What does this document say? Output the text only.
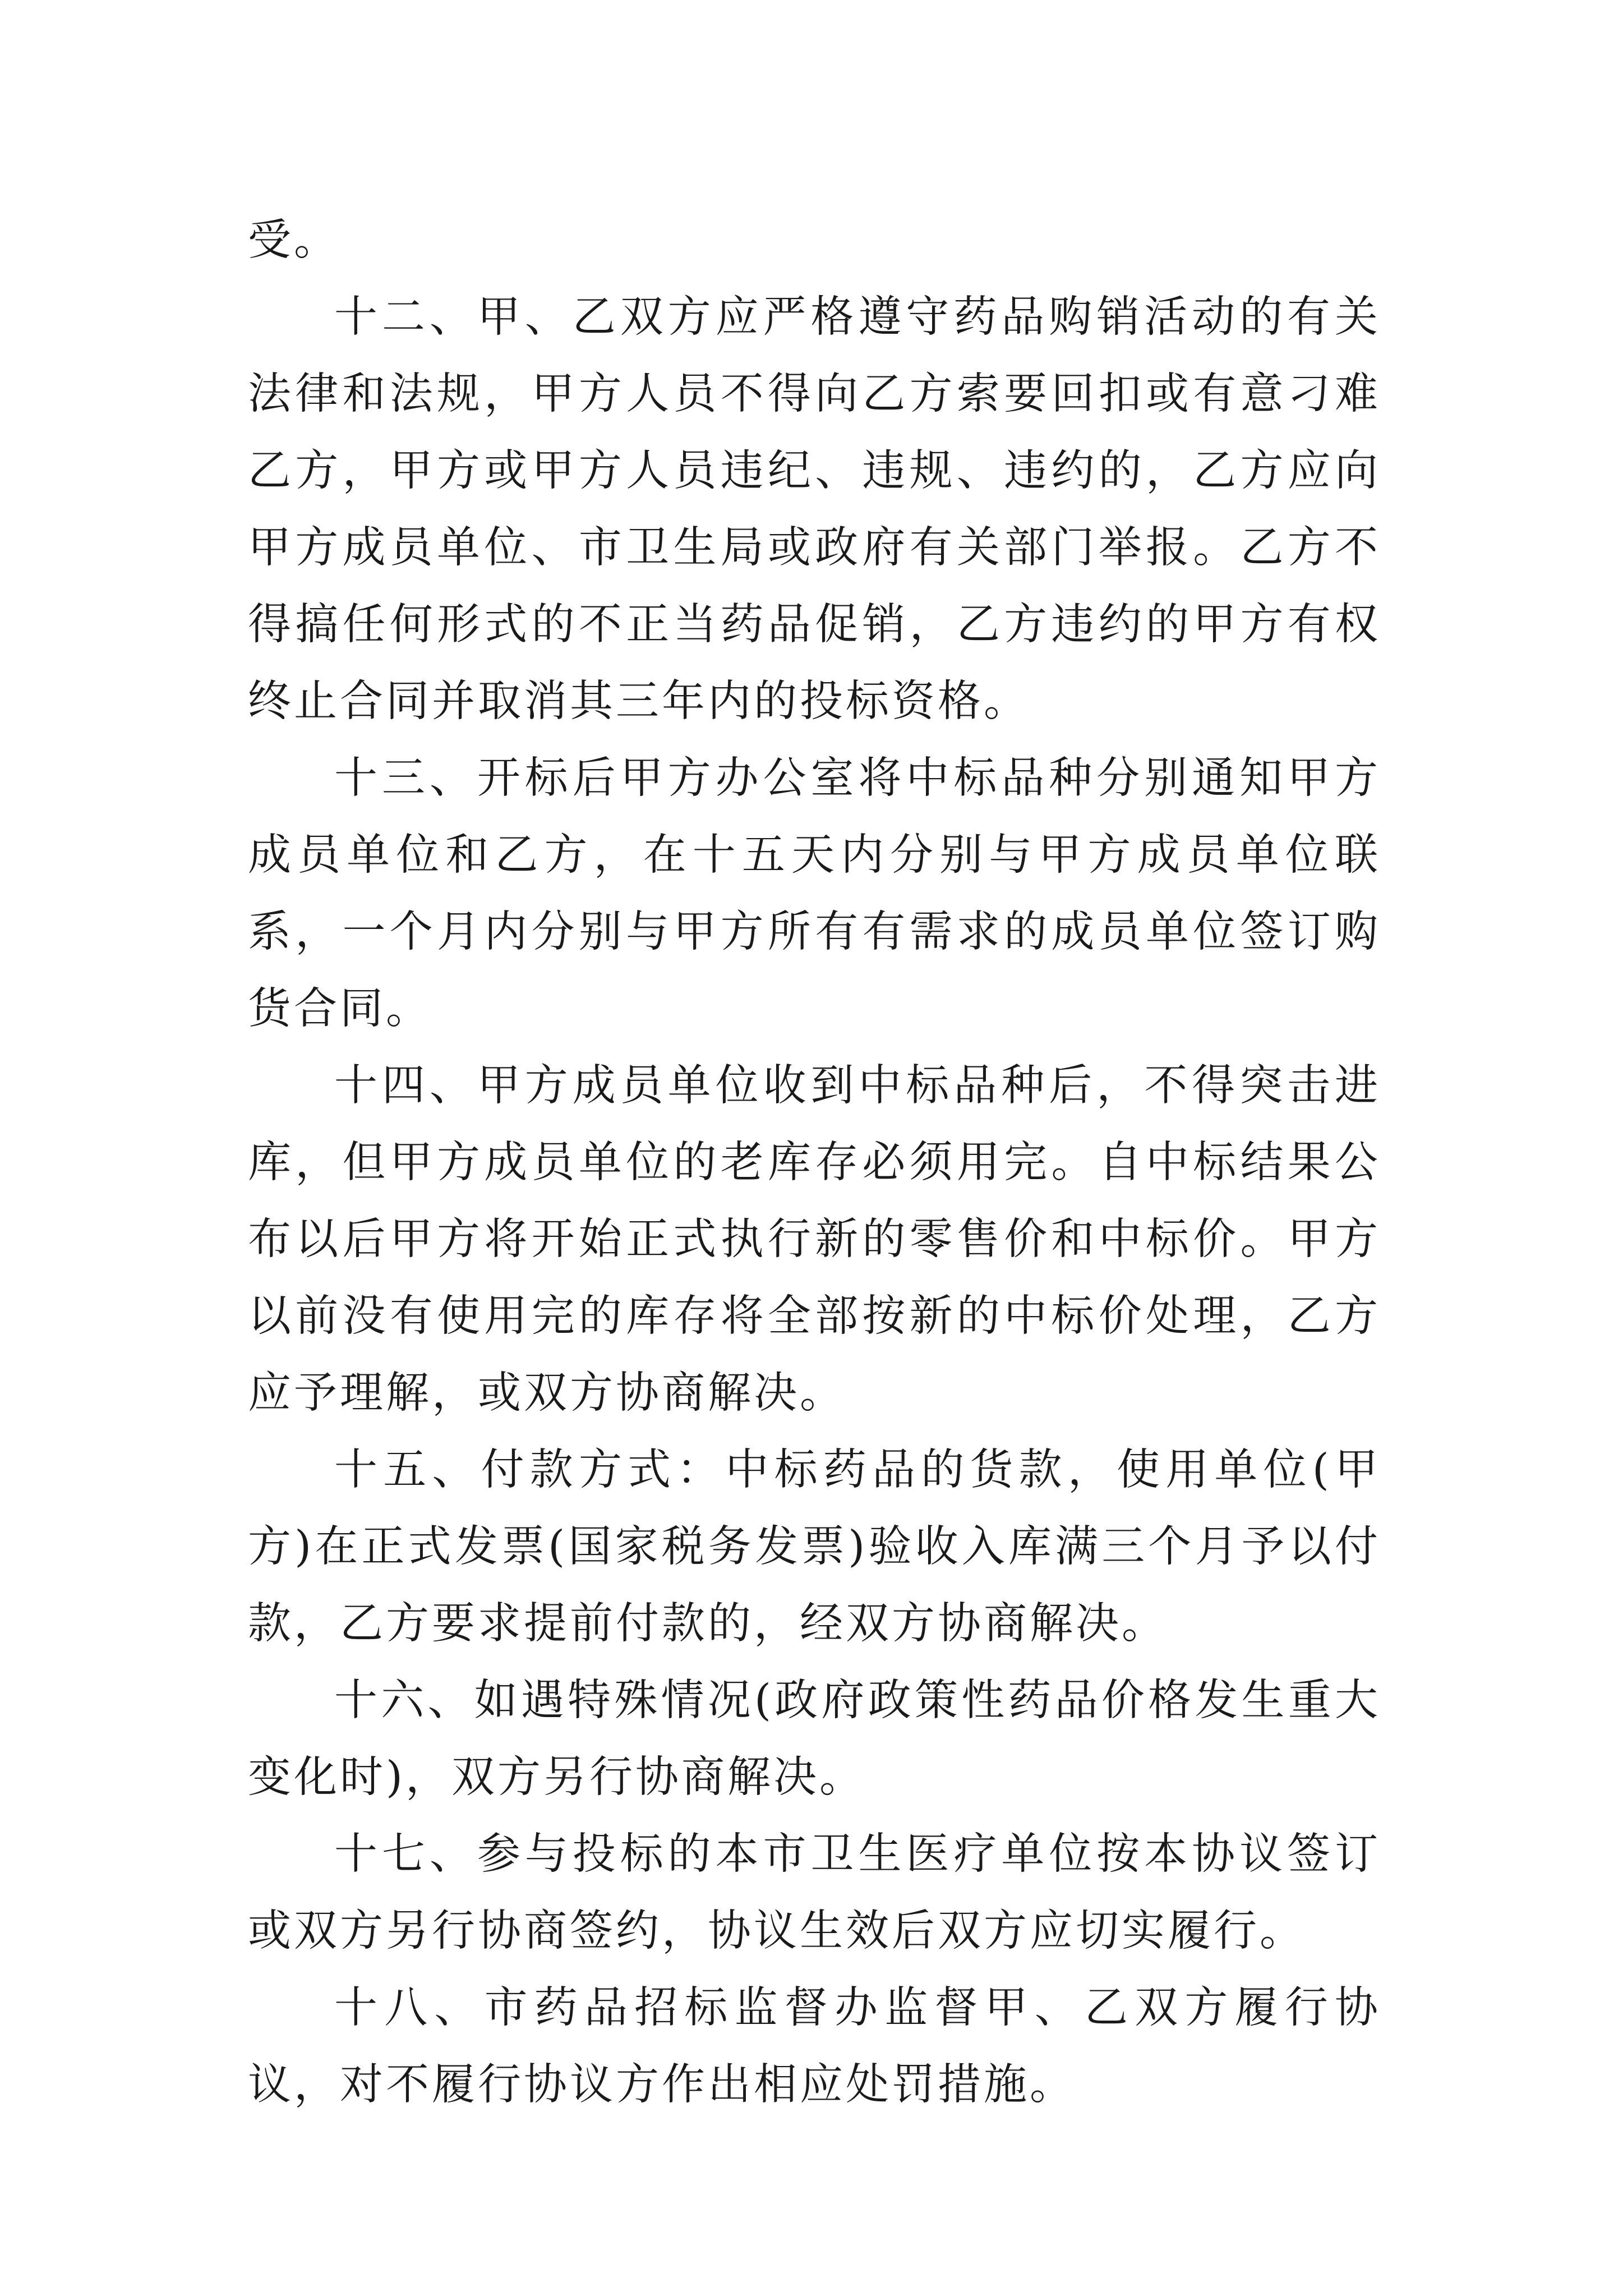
受。

十二、甲、乙双方应严格遵守药品购销活动的有关法律和法规，甲方人员不得向乙方索要回扣或有意刁难乙方，甲方或甲方人员违纪、违规、违约的，乙方应向甲方成员单位、市卫生局或政府有关部门举报。乙方不得搞任何形式的不正当药品促销，乙方违约的甲方有权终止合同并取消其三年内的投标资格。

十三、开标后甲方办公室将中标品种分别通知甲方成员单位和乙方，在十五天内分别与甲方成员单位联系，一个月内分别与甲方所有有需求的成员单位签订购货合同。

十四、甲方成员单位收到中标品种后，不得突击进库，但甲方成员单位的老库存必须用完。自中标结果公布以后甲方将开始正式执行新的零售价和中标价。甲方以前没有使用完的库存将全部按新的中标价处理，乙方应予理解，或双方协商解决。

十五、付款方式：中标药品的货款，使用单位(甲方)在正式发票(国家税务发票)验收入库满三个月予以付款，乙方要求提前付款的，经双方协商解决。

十六、如遇特殊情况(政府政策性药品价格发生重大变化时)，双方另行协商解决。

十七、参与投标的本市卫生医疗单位按本协议签订或双方另行协商签约，协议生效后双方应切实履行。

十八、市药品招标监督办监督甲、乙双方履行协议，对不履行协议方作出相应处罚措施。
